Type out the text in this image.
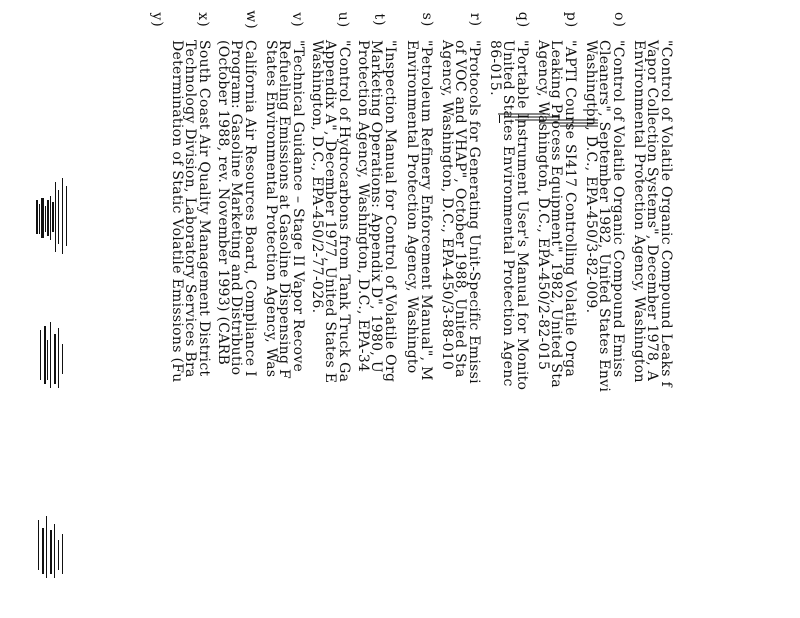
o)
"Control of Volatile Organic Compound Leaks f
Vapor Collection Systems", December 1978, A
Environmental Protection Agency, Washington
p)
"Control of Volatile Organic Compound Emiss
Cleaners", September 1982, United States Envi
Washington, D.C., EPA-450/3-82-009.
q)
"APTI Course SI417 Controlling Volatile Orga
Leaking Process Equipment", 1982, United Sta
Agency, Washington, D.C., EPA-450/2-82-015
r)
"Portable Instrument User's Manual for Monito
United States Environmental Protection Agenc
86-015.
s)
"Protocols for Generating Unit-Specific Emissi
of VOC and VHAP", October 1988, United Sta
Agency, Washington, D.C., EPA-450/3-88-010
t)
"Petroleum Refinery Enforcement Manual", M
Environmental Protection Agency, Washingto
u)
"Inspection Manual for Control of Volatile Org
Marketing Operations: Appendix D", 1980, U
Protection Agency, Washington, D.C., EPA-34
v)
"Control of Hydrocarbons from Tank Truck Ga
Appendix A", December 1977, United States E
Washington, D.C., EPA-450/2-77-026.
w)
"Technical Guidance – Stage II Vapor Recove
Refueling Emissions at Gasoline Dispensing F
States Environmental Protection Agency, Was
x)
California Air Resources Board, Compliance I
Program: Gasoline Marketing and Distributio
(October 1988, rev. November 1993) (CARB
y)
South Coast Air Quality Management District
Technology Division, Laboratory Services Bra
Determination of Static Volatile Emissions (Fu
